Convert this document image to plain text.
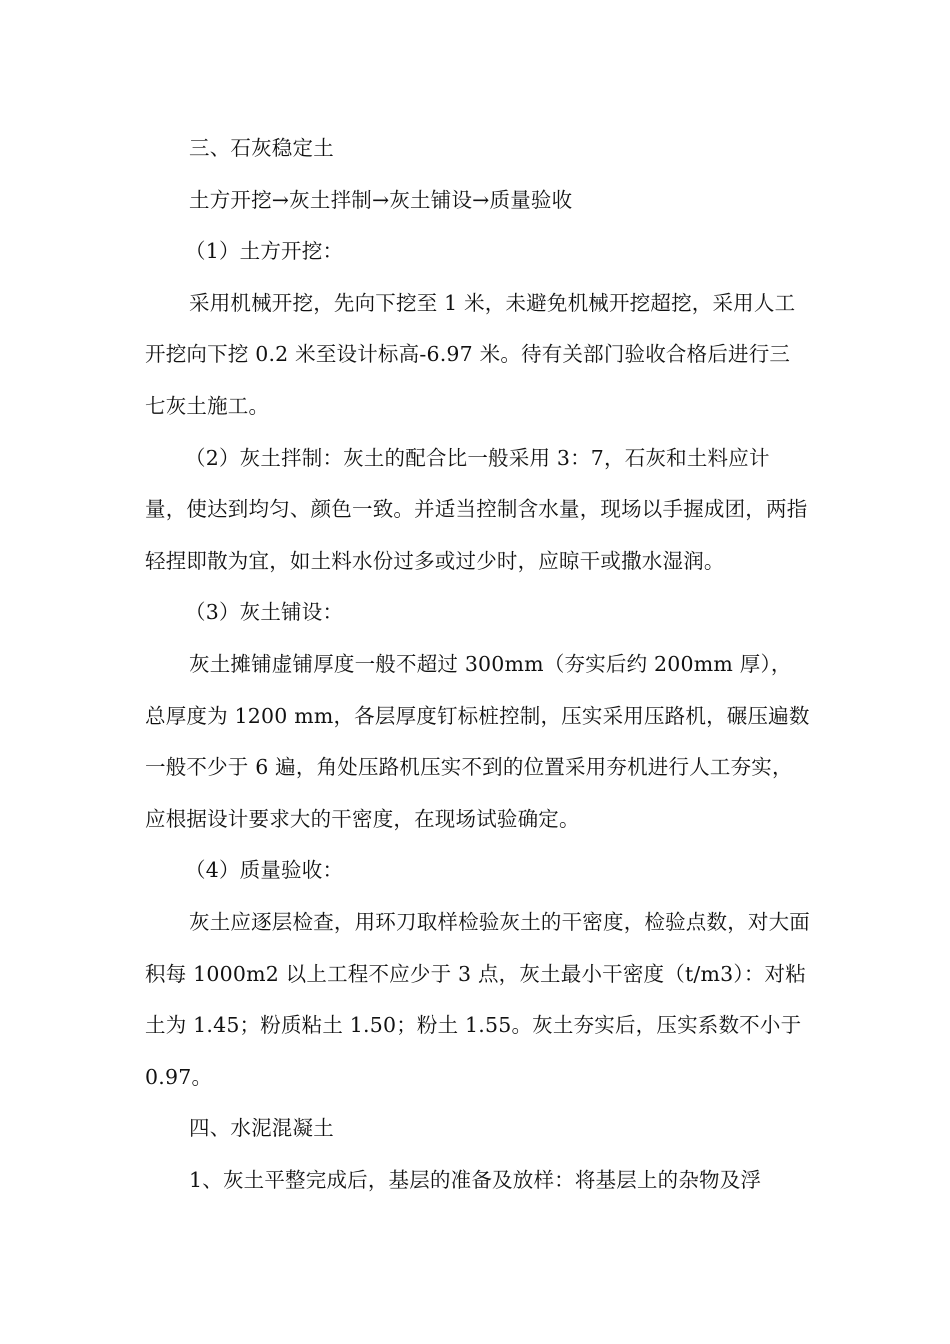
三、石灰稳定土

土方开挖→灰土拌制→灰土铺设→质量验收

（1）土方开挖：

采用机械开挖，先向下挖至 1 米，未避免机械开挖超挖，采用人工开挖向下挖 0.2 米至设计标高-6.97 米。待有关部门验收合格后进行三七灰土施工。

（2）灰土拌制：灰土的配合比一般采用 3：7，石灰和土料应计量，使达到均匀、颜色一致。并适当控制含水量，现场以手握成团，两指轻捏即散为宜，如土料水份过多或过少时，应晾干或撒水湿润。

（3）灰土铺设：

灰土摊铺虚铺厚度一般不超过 300mm（夯实后约 200mm 厚），总厚度为 1200 mm，各层厚度钉标桩控制，压实采用压路机，碾压遍数一般不少于 6 遍，角处压路机压实不到的位置采用夯机进行人工夯实，应根据设计要求大的干密度，在现场试验确定。

（4）质量验收：

灰土应逐层检查，用环刀取样检验灰土的干密度，检验点数，对大面积每 1000m2 以上工程不应少于 3 点，灰土最小干密度（t/m3）：对粘土为 1.45；粉质粘土 1.50；粉土 1.55。灰土夯实后，压实系数不小于 0.97。

四、水泥混凝土

1、灰土平整完成后，基层的准备及放样：将基层上的杂物及浮
